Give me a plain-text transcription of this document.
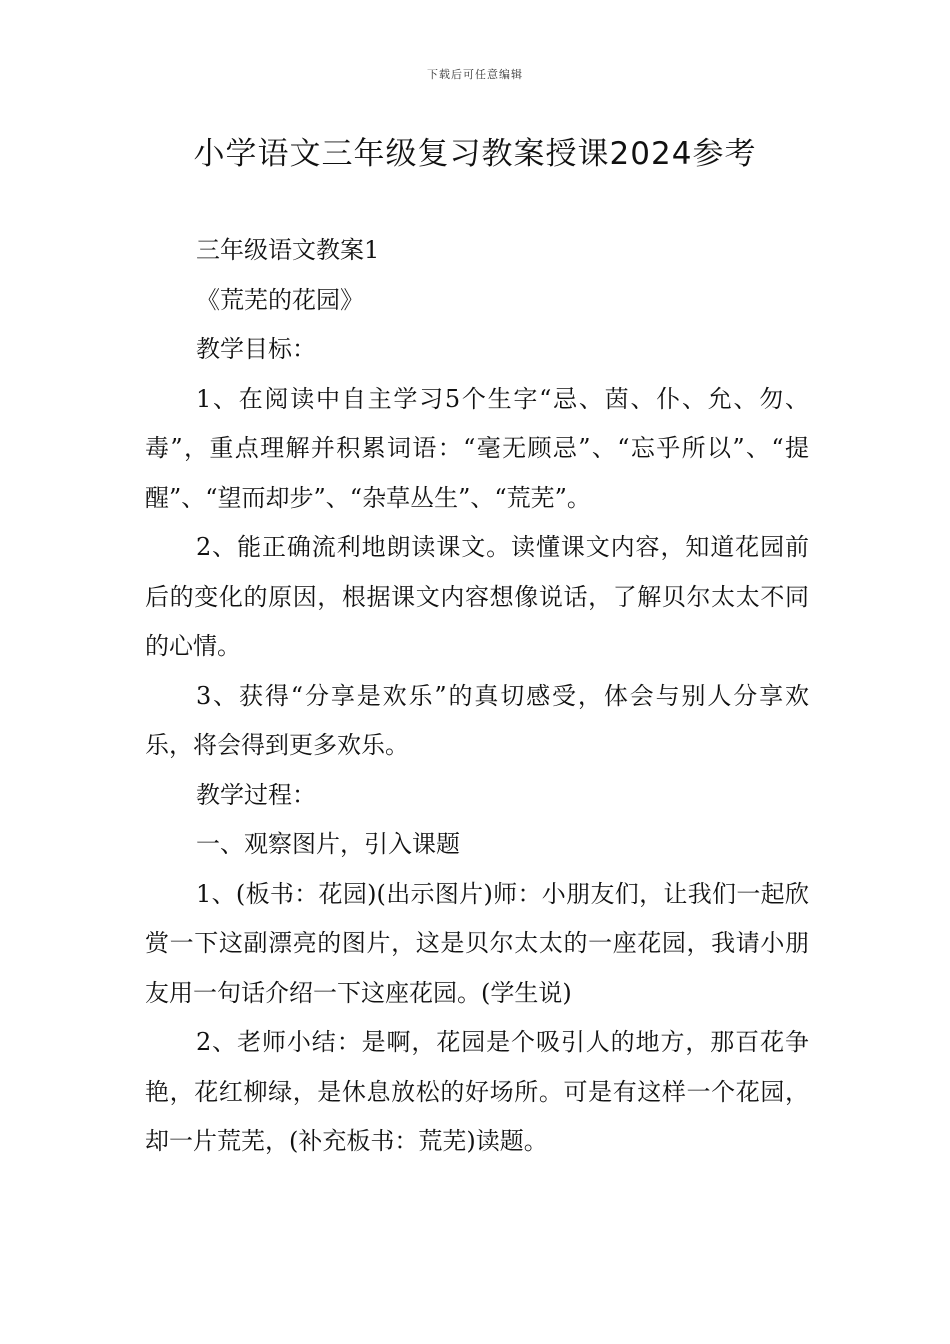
下载后可任意编辑
小学语文三年级复习教案授课2024参考

三年级语文教案1

《荒芜的花园》

教学目标：

1、在阅读中自主学习5个生字“忌、茵、仆、允、勿、毒”，重点理解并积累词语：“毫无顾忌”、“忘乎所以”、“提醒”、“望而却步”、“杂草丛生”、“荒芜”。

2、能正确流利地朗读课文。读懂课文内容，知道花园前后的变化的原因，根据课文内容想像说话，了解贝尔太太不同的心情。

3、获得“分享是欢乐”的真切感受，体会与别人分享欢乐，将会得到更多欢乐。

教学过程：

一、观察图片，引入课题

1、(板书：花园)(出示图片)师：小朋友们，让我们一起欣赏一下这副漂亮的图片，这是贝尔太太的一座花园，我请小朋友用一句话介绍一下这座花园。(学生说)

2、老师小结：是啊，花园是个吸引人的地方，那百花争艳，花红柳绿，是休息放松的好场所。可是有这样一个花园，却一片荒芜，(补充板书：荒芜)读题。
